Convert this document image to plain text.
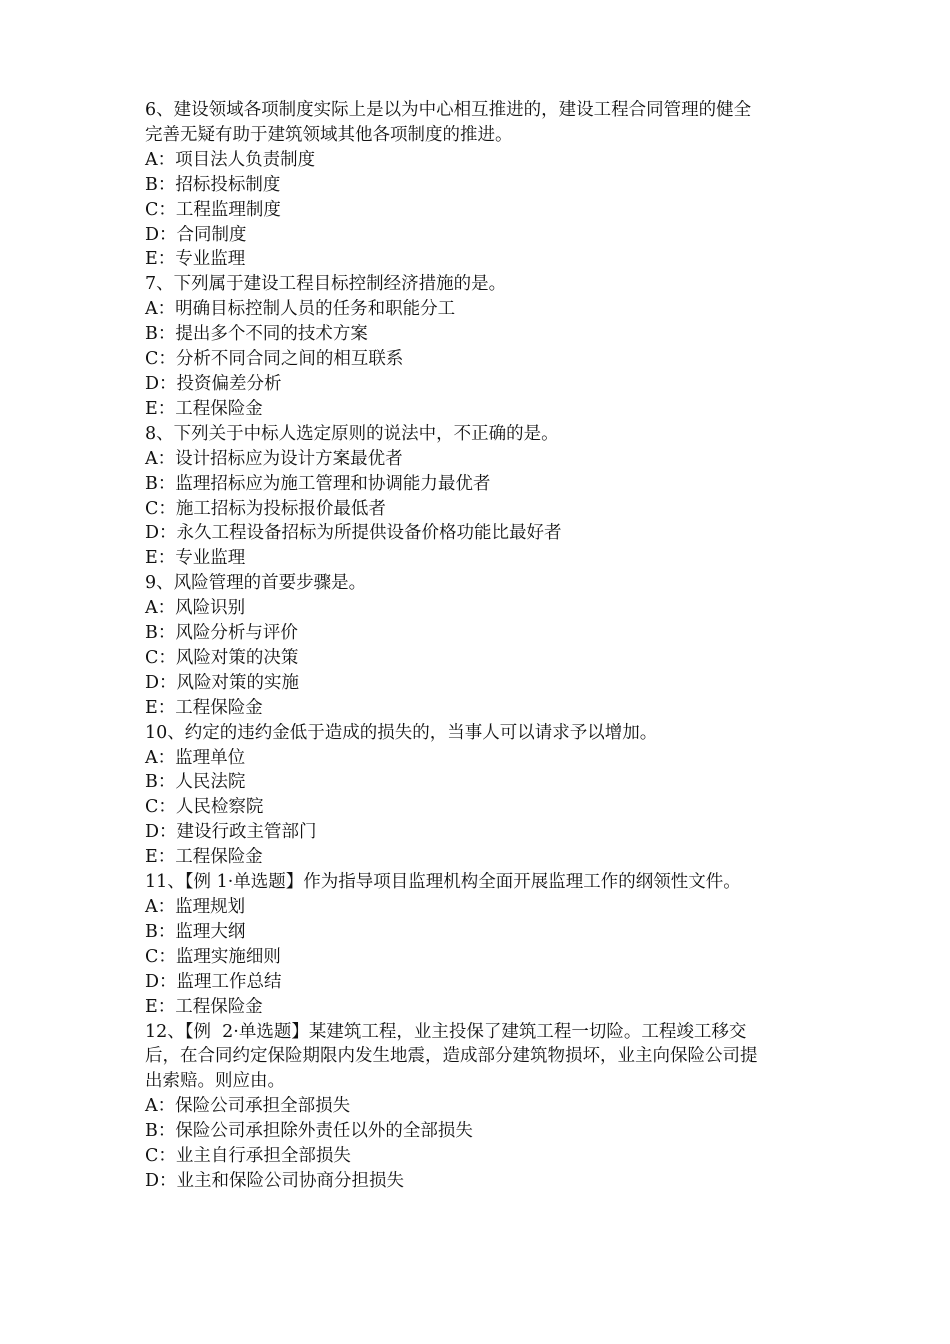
6、建设领域各项制度实际上是以为中心相互推进的，建设工程合同管理的健全
完善无疑有助于建筑领域其他各项制度的推进。
A：项目法人负责制度
B：招标投标制度
C：工程监理制度
D：合同制度
E：专业监理
7、下列属于建设工程目标控制经济措施的是。
A：明确目标控制人员的任务和职能分工
B：提出多个不同的技术方案
C：分析不同合同之间的相互联系
D：投资偏差分析
E：工程保险金
8、下列关于中标人选定原则的说法中，不正确的是。
A：设计招标应为设计方案最优者
B：监理招标应为施工管理和协调能力最优者
C：施工招标为投标报价最低者
D：永久工程设备招标为所提供设备价格功能比最好者
E：专业监理
9、风险管理的首要步骤是。
A：风险识别
B：风险分析与评价
C：风险对策的决策
D：风险对策的实施
E：工程保险金
10、约定的违约金低于造成的损失的，当事人可以请求予以增加。
A：监理单位
B：人民法院
C：人民检察院
D：建设行政主管部门
E：工程保险金
11、【例 1·单选题】作为指导项目监理机构全面开展监理工作的纲领性文件。
A：监理规划
B：监理大纲
C：监理实施细则
D：监理工作总结
E：工程保险金
12、【例  2·单选题】某建筑工程，业主投保了建筑工程一切险。工程竣工移交
后，在合同约定保险期限内发生地震，造成部分建筑物损坏，业主向保险公司提
出索赔。则应由。
A：保险公司承担全部损失
B：保险公司承担除外责任以外的全部损失
C：业主自行承担全部损失
D：业主和保险公司协商分担损失
